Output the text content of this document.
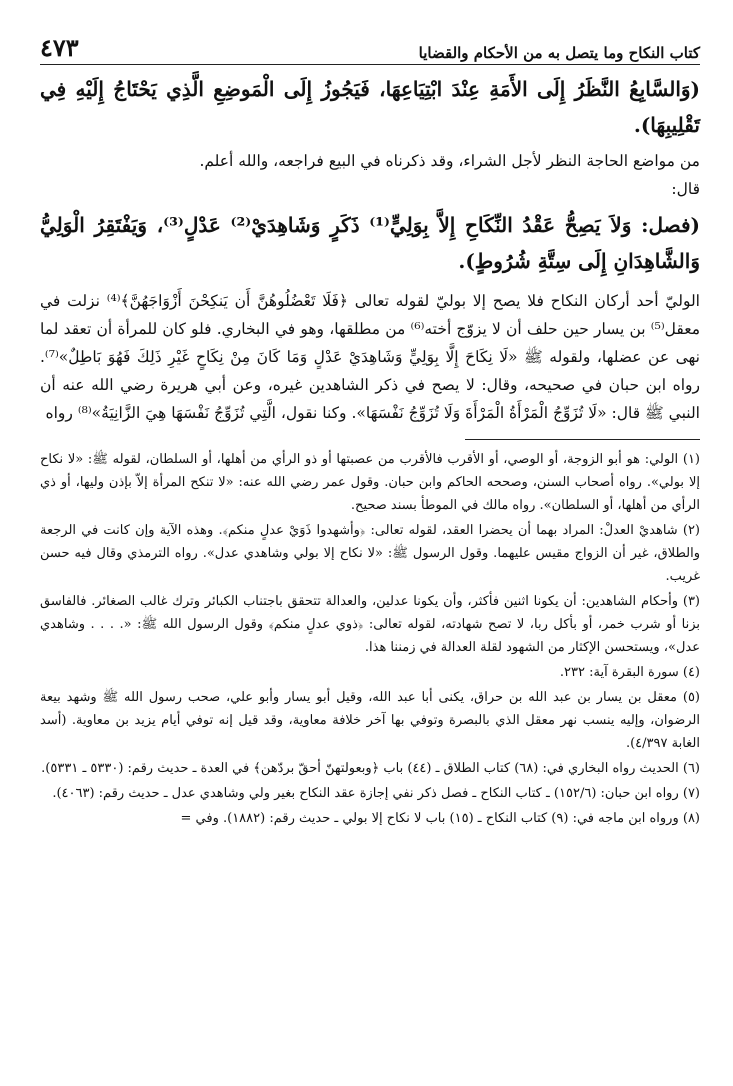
كتاب النكاح وما يتصل به من الأحكام والقضايا
٤٧٣

(وَالسَّابِعُ النَّظَرُ إِلَى الأَمَةِ عِنْدَ ابْتِيَاعِهَا، فَيَجُوزُ إِلَى الْمَوضِعِ الَّذِي يَحْتَاجُ إِلَيْهِ فِي تَقْلِيبِهَا).

من مواضع الحاجة النظر لأجل الشراء، وقد ذكرناه في البيع فراجعه، والله أعلم.

قال:

(فصل: وَلاَ يَصِحُّ عَقْدُ النِّكَاحِ إِلاَّ بِوَلِيٍّ⁽¹⁾ ذَكَرٍ وَشَاهِدَيْ⁽²⁾ عَدْلٍ⁽³⁾، وَيَفْتَقِرُ الْوَلِيُّ وَالشَّاهِدَانِ إِلَى سِتَّةِ شُرُوطٍ).

الوليّ أحد أركان النكاح فلا يصح إلا بوليّ لقوله تعالى ﴿فَلَا تَعْضُلُوهُنَّ أَن يَنكِحْنَ أَزْوَاجَهُنَّ﴾⁽⁴⁾ نزلت في معقل⁽⁵⁾ بن يسار حين حلف أن لا يزوّج أخته⁽⁶⁾ من مطلقها، وهو في البخاري. فلو كان للمرأة أن تعقد لما نهى عن عضلها، ولقوله ﷺ «لَا نِكَاحَ إِلَّا بِوَلِيٍّ وَشَاهِدَيْ عَدْلٍ وَمَا كَانَ مِنْ نِكَاحٍ غَيْرِ ذَلِكَ فَهُوَ بَاطِلٌ»⁽⁷⁾. رواه ابن حبان في صحيحه، وقال: لا يصح في ذكر الشاهدين غيره، وعن أبي هريرة رضي الله عنه أن النبي ﷺ قال: «لَا تُزَوِّجُ الْمَرْأَةُ الْمَرْأَةَ وَلَا تُزَوِّجُ نَفْسَهَا». وكنا نقول، الَّتِي تُزَوِّجُ نَفْسَهَا هِيَ الزَّانِيَةُ»⁽⁸⁾ رواه

(١) الولي: هو أبو الزوجة، أو الوصي، أو الأقرب فالأقرب من عصبتها أو ذو الرأي من أهلها، أو السلطان، لقوله ﷺ: «لا نكاح إلا بولي». رواه أصحاب السنن، وصححه الحاكم وابن حبان. وقول عمر رضي الله عنه: «لا تنكح المرأة إلاّ بإذن وليها، أو ذي الرأي من أهلها، أو السلطان». رواه مالك في الموطأ بسند صحيح.

(٢) شاهديْ العدلْ: المراد بهما أن يحضرا العقد، لقوله تعالى: ﴿وأشهدوا ذَوَيْ عدلٍ منكم﴾. وهذه الآية وإن كانت في الرجعة والطلاق، غير أن الزواج مقيس عليهما. وقول الرسول ﷺ: «لا نكاح إلا بولي وشاهدي عدل». رواه الترمذي وقال فيه حسن غريب.

(٣) وأحكام الشاهدين: أن يكونا اثنين فأكثر، وأن يكونا عدلين، والعدالة تتحقق باجتناب الكبائر وترك غالب الصغائر. فالفاسق بزنا أو شرب خمر، أو بأكل ربا، لا تصح شهادته، لقوله تعالى: ﴿ذوي عدلٍ منكم﴾ وقول الرسول الله ﷺ: «. . . . وشاهدي عدل»، ويستحسن الإكثار من الشهود لقلة العدالة في زمننا هذا.

(٤) سورة البقرة آية: ٢٣٢.

(٥) معقل بن يسار بن عبد الله بن حراق، يكنى أبا عبد الله، وقيل أبو يسار وأبو علي، صحب رسول الله ﷺ وشهد بيعة الرضوان، وإليه ينسب نهر معقل الذي بالبصرة وتوفي بها آخر خلافة معاوية، وقد قيل إنه توفي أيام يزيد بن معاوية. (أسد الغابة ٤/٣٩٧).

(٦) الحديث رواه البخاري في: (٦٨) كتاب الطلاق ـ (٤٤) باب ﴿وبعولتهنّ أحقّ بردّهن﴾ في العدة ـ حديث رقم: (٥٣٣٠ ـ ٥٣٣١).

(٧) رواه ابن حبان: (١٥٢/٦) ـ كتاب النكاح ـ فصل ذكر نفي إجازة عقد النكاح بغير ولي وشاهدي عدل ـ حديث رقم: (٤٠٦٣).

(٨) ورواه ابن ماجه في: (٩) كتاب النكاح ـ (١٥) باب لا نكاح إلا بولي ـ حديث رقم: (١٨٨٢). وفي =
